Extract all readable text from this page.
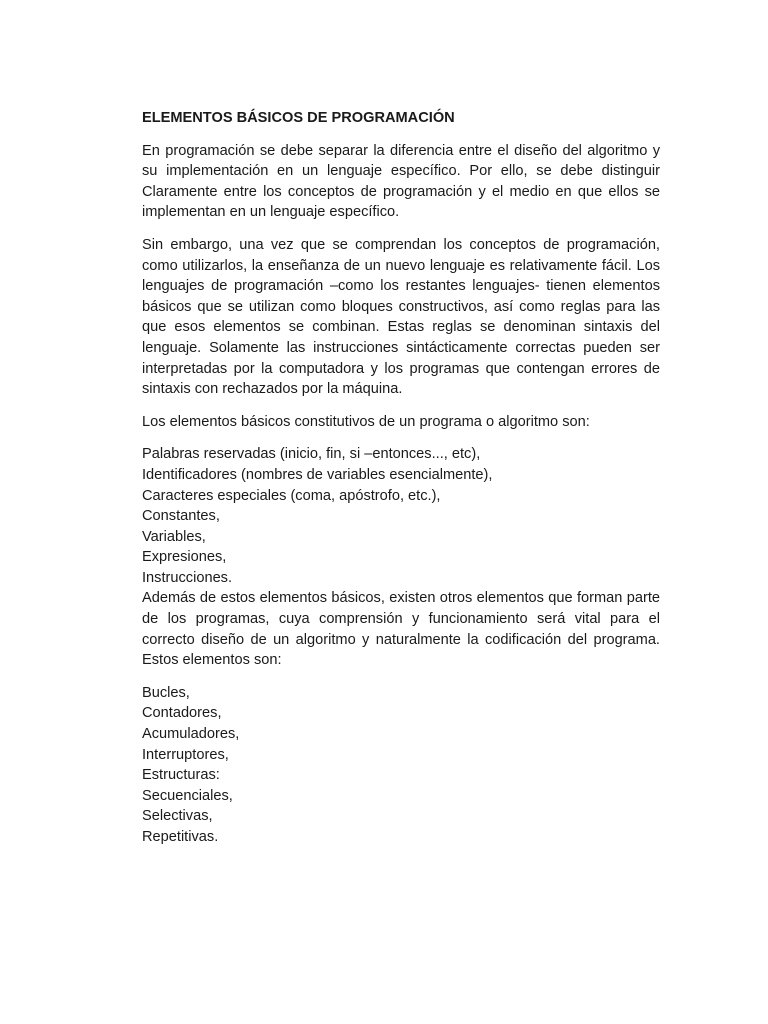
ELEMENTOS BÁSICOS DE PROGRAMACIÓN

En programación se debe separar la diferencia entre el diseño del algoritmo y su implementación en un lenguaje específico. Por ello, se debe distinguir Claramente entre los conceptos de programación y el medio en que ellos se implementan en un lenguaje específico.

Sin embargo, una vez que se comprendan los conceptos de programación, como utilizarlos, la enseñanza de un nuevo lenguaje es relativamente fácil. Los lenguajes de programación –como los restantes lenguajes- tienen elementos básicos que se utilizan como bloques constructivos, así como reglas para las que esos elementos se combinan. Estas reglas se denominan sintaxis del lenguaje. Solamente las instrucciones sintácticamente correctas pueden ser interpretadas por la computadora y los programas que contengan errores de sintaxis con rechazados por la máquina.

Los elementos básicos constitutivos de un programa o algoritmo son:

Palabras reservadas (inicio, fin, si –entonces..., etc),
Identificadores (nombres de variables esencialmente),
Caracteres especiales (coma, apóstrofo, etc.),
Constantes,
Variables,
Expresiones,
Instrucciones.

Además de estos elementos básicos, existen otros elementos que forman parte de los programas, cuya comprensión y funcionamiento será vital para el correcto diseño de un algoritmo y naturalmente la codificación del programa. Estos elementos son:

Bucles,
Contadores,
Acumuladores,
Interruptores,
Estructuras:
Secuenciales,
Selectivas,
Repetitivas.
